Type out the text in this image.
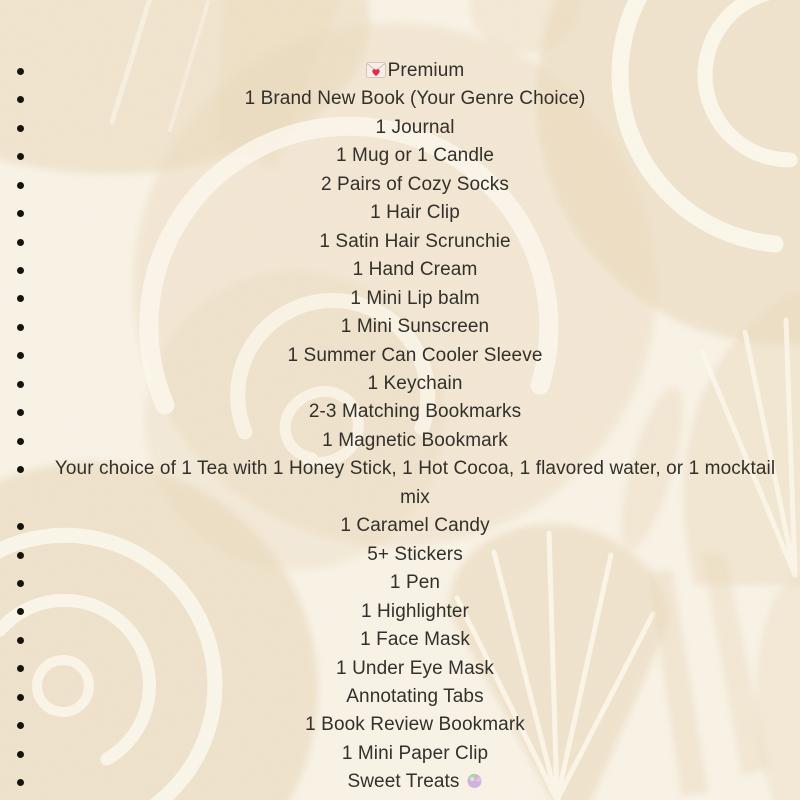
Premium
1 Brand New Book (Your Genre Choice)
1 Journal
1 Mug or 1 Candle
2 Pairs of Cozy Socks
1 Hair Clip
1 Satin Hair Scrunchie
1 Hand Cream
1 Mini Lip balm
1 Mini Sunscreen
1 Summer Can Cooler Sleeve
1 Keychain
2-3 Matching Bookmarks
1 Magnetic Bookmark
Your choice of 1 Tea with 1 Honey Stick, 1 Hot Cocoa, 1 flavored water, or 1 mocktail mix
1 Caramel Candy
5+ Stickers
1 Pen
1 Highlighter
1 Face Mask
1 Under Eye Mask
Annotating Tabs
1 Book Review Bookmark
1 Mini Paper Clip
Sweet Treats
